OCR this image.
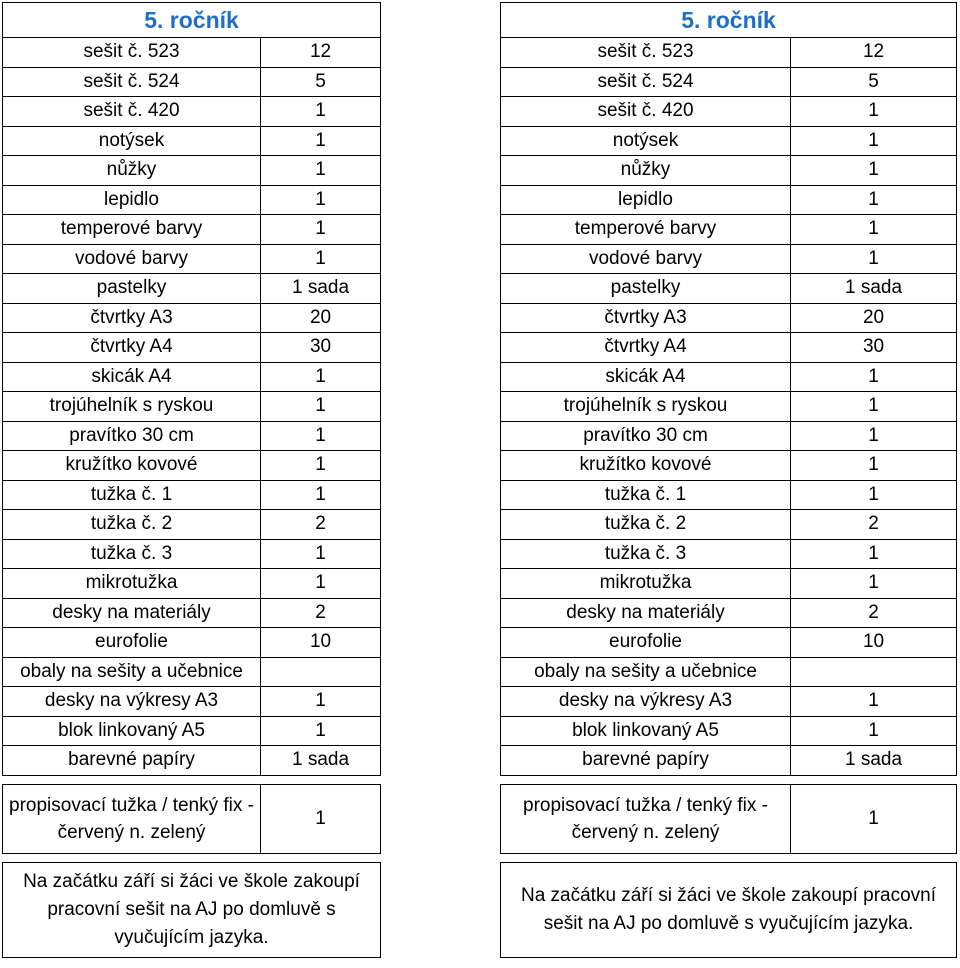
5. ročník	
sešit č. 523	12
sešit č. 524	5
sešit č. 420	1
notýsek	1
nůžky	1
lepidlo	1
temperové barvy	1
vodové barvy	1
pastelky	1 sada
čtvrtky A3	20
čtvrtky A4	30
skicák A4	1
trojúhelník s ryskou	1
pravítko 30 cm	1
kružítko kovové	1
tužka č. 1	1
tužka č. 2	2
tužka č. 3	1
mikrotužka	1
desky na materiály	2
eurofolie	10
obaly na sešity a učebnice	
desky na výkresy A3	1
blok linkovaný A5	1
barevné papíry	1 sada

propisovací tužka / tenký fix - červený n. zelený	1

Na začátku září si žáci ve škole zakoupí pracovní sešit na AJ po domluvě s vyučujícím jazyka.	
5. ročník	
sešit č. 523	12
sešit č. 524	5
sešit č. 420	1
notýsek	1
nůžky	1
lepidlo	1
temperové barvy	1
vodové barvy	1
pastelky	1 sada
čtvrtky A3	20
čtvrtky A4	30
skicák A4	1
trojúhelník s ryskou	1
pravítko 30 cm	1
kružítko kovové	1
tužka č. 1	1
tužka č. 2	2
tužka č. 3	1
mikrotužka	1
desky na materiály	2
eurofolie	10
obaly na sešity a učebnice	
desky na výkresy A3	1
blok linkovaný A5	1
barevné papíry	1 sada

propisovací tužka / tenký fix - červený n. zelený	1

Na začátku září si žáci ve škole zakoupí pracovní sešit na AJ po domluvě s vyučujícím jazyka.	
